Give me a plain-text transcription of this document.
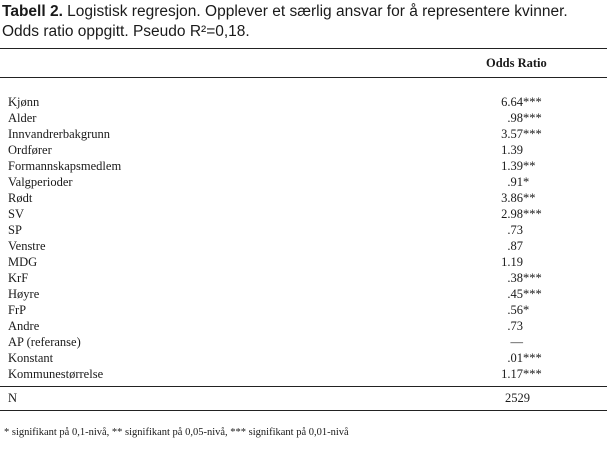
Tabell 2. Logistisk regresjon. Opplever et særlig ansvar for å representere kvinner. Odds ratio oppgitt. Pseudo R²=0,18.
Odds Ratio
Kjønn	6.64***
Alder	.98***
Innvandrerbakgrunn	3.57***
Ordfører	1.39
Formannskapsmedlem	1.39**
Valgperioder	.91*
Rødt	3.86**
SV	2.98***
SP	.73
Venstre	.87
MDG	1.19
KrF	.38***
Høyre	.45***
FrP	.56*
Andre	.73
AP (referanse)	—
Konstant	.01***
Kommunestørrelse	1.17***
N	2529
* signifikant på 0,1-nivå, ** signifikant på 0,05-nivå, *** signifikant på 0,01-nivå
